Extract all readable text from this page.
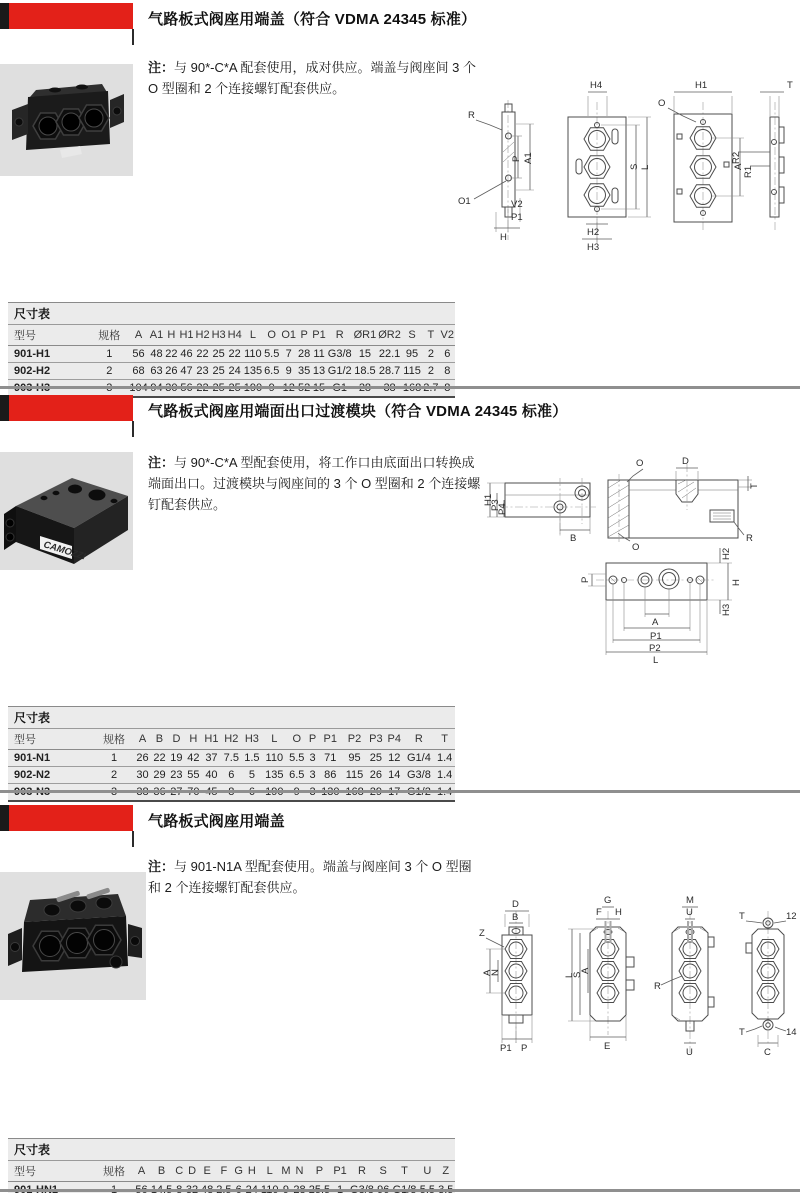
气路板式阀座用端盖（符合 VDMA 24345 标准）

注：与 90*-C*A 配套使用，成对供应。端盖与阀座间 3 个 O 型圈和 2 个连接螺钉配套供应。

R
P A1
O1	V2
P1
H
H4
S L
H2
H3
O
H1
A
T
R2
R1
尺寸表
型号	规格	A	A1	H	H1	H2	H3	H4	L	O	O1	P	P1	R	ØR1	ØR2	S	T	V2
901-H1	1	56	48	22	46	22	25	22	110	5.5	7	28	11	G3/8	15	22.1	95	2	6
902-H2	2	68	63	26	47	23	25	24	135	6.5	9	35	13	G1/2	18.5	28.7	115	2	8

气路板式阀座用端面出口过渡模块（符合 VDMA 24345 标准）

注：与 90*-C*A 型配套使用，将工作口由底面出口转换成端面出口。过渡模块与阀座间的 3 个 O 型圈和 2 个连接螺钉配套供应。

CAMOZZI
H1
P3
P4
B
D
O
T
R
O
P
H2
H
H3
A
P1
P2
L
尺寸表
型号	规格	A	B	D	H	H1	H2	H3	L	O	P	P1	P2	P3	P4	R	T
901-N1	1	26	22	19	42	37	7.5	1.5	110	5.5	3	71	95	25	12	G1/4	1.4
902-N2	2	30	29	23	55	40	6	5	135	6.5	3	86	115	26	14	G3/8	1.4

气路板式阀座用端盖

注：与 901-N1A 型配套使用。端盖与阀座间 3 个 O 型圈和 2 个连接螺钉配套供应。

D
B
Z
A
N
P1 P
G
F H
L
S
A
E
M
U
R
U
T	12
T
C
14
尺寸表
型号	规格	A	B	C	D	E	F	G	H	L	M	N	P	P1	R	S	T	U	Z
